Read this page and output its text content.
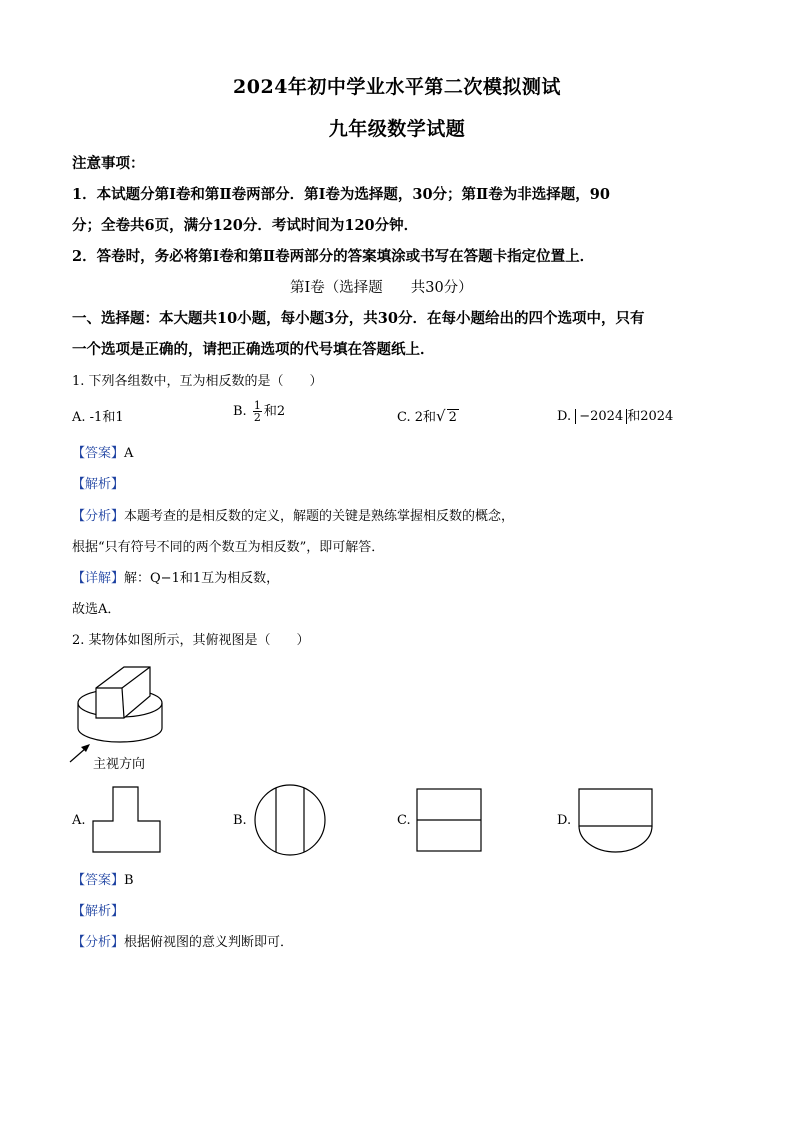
2024年初中学业水平第二次模拟测试
九年级数学试题
注意事项：
1．本试题分第Ⅰ卷和第Ⅱ卷两部分．第Ⅰ卷为选择题，30分；第Ⅱ卷为非选择题，90
分；全卷共6页，满分120分．考试时间为120分钟．
2．答卷时，务必将第Ⅰ卷和第Ⅱ卷两部分的答案填涂或书写在答题卡指定位置上．
第Ⅰ卷（选择题 共30分）
一、选择题：本大题共10小题，每小题3分，共30分．在每小题给出的四个选项中，只有
一个选项是正确的，请把正确选项的代号填在答题纸上．
1. 下列各组数中，互为相反数的是（　　）
A. -1和1	B. $\frac{1}{2}$ 和2	C. 2和√ 2	D. −2024 和2024
【答案】A
【解析】
【分析】本题考查的是相反数的定义，解题的关键是熟练掌握相反数的概念，
根据“只有符号不同的两个数互为相反数”，即可解答．
【详解】解：Q−1和1互为相反数，
故选A．
2. 某物体如图所示，其俯视图是（　　）
主视方向
A.	B.	C.	D.
【答案】B
【解析】
【分析】根据俯视图的意义判断即可．
